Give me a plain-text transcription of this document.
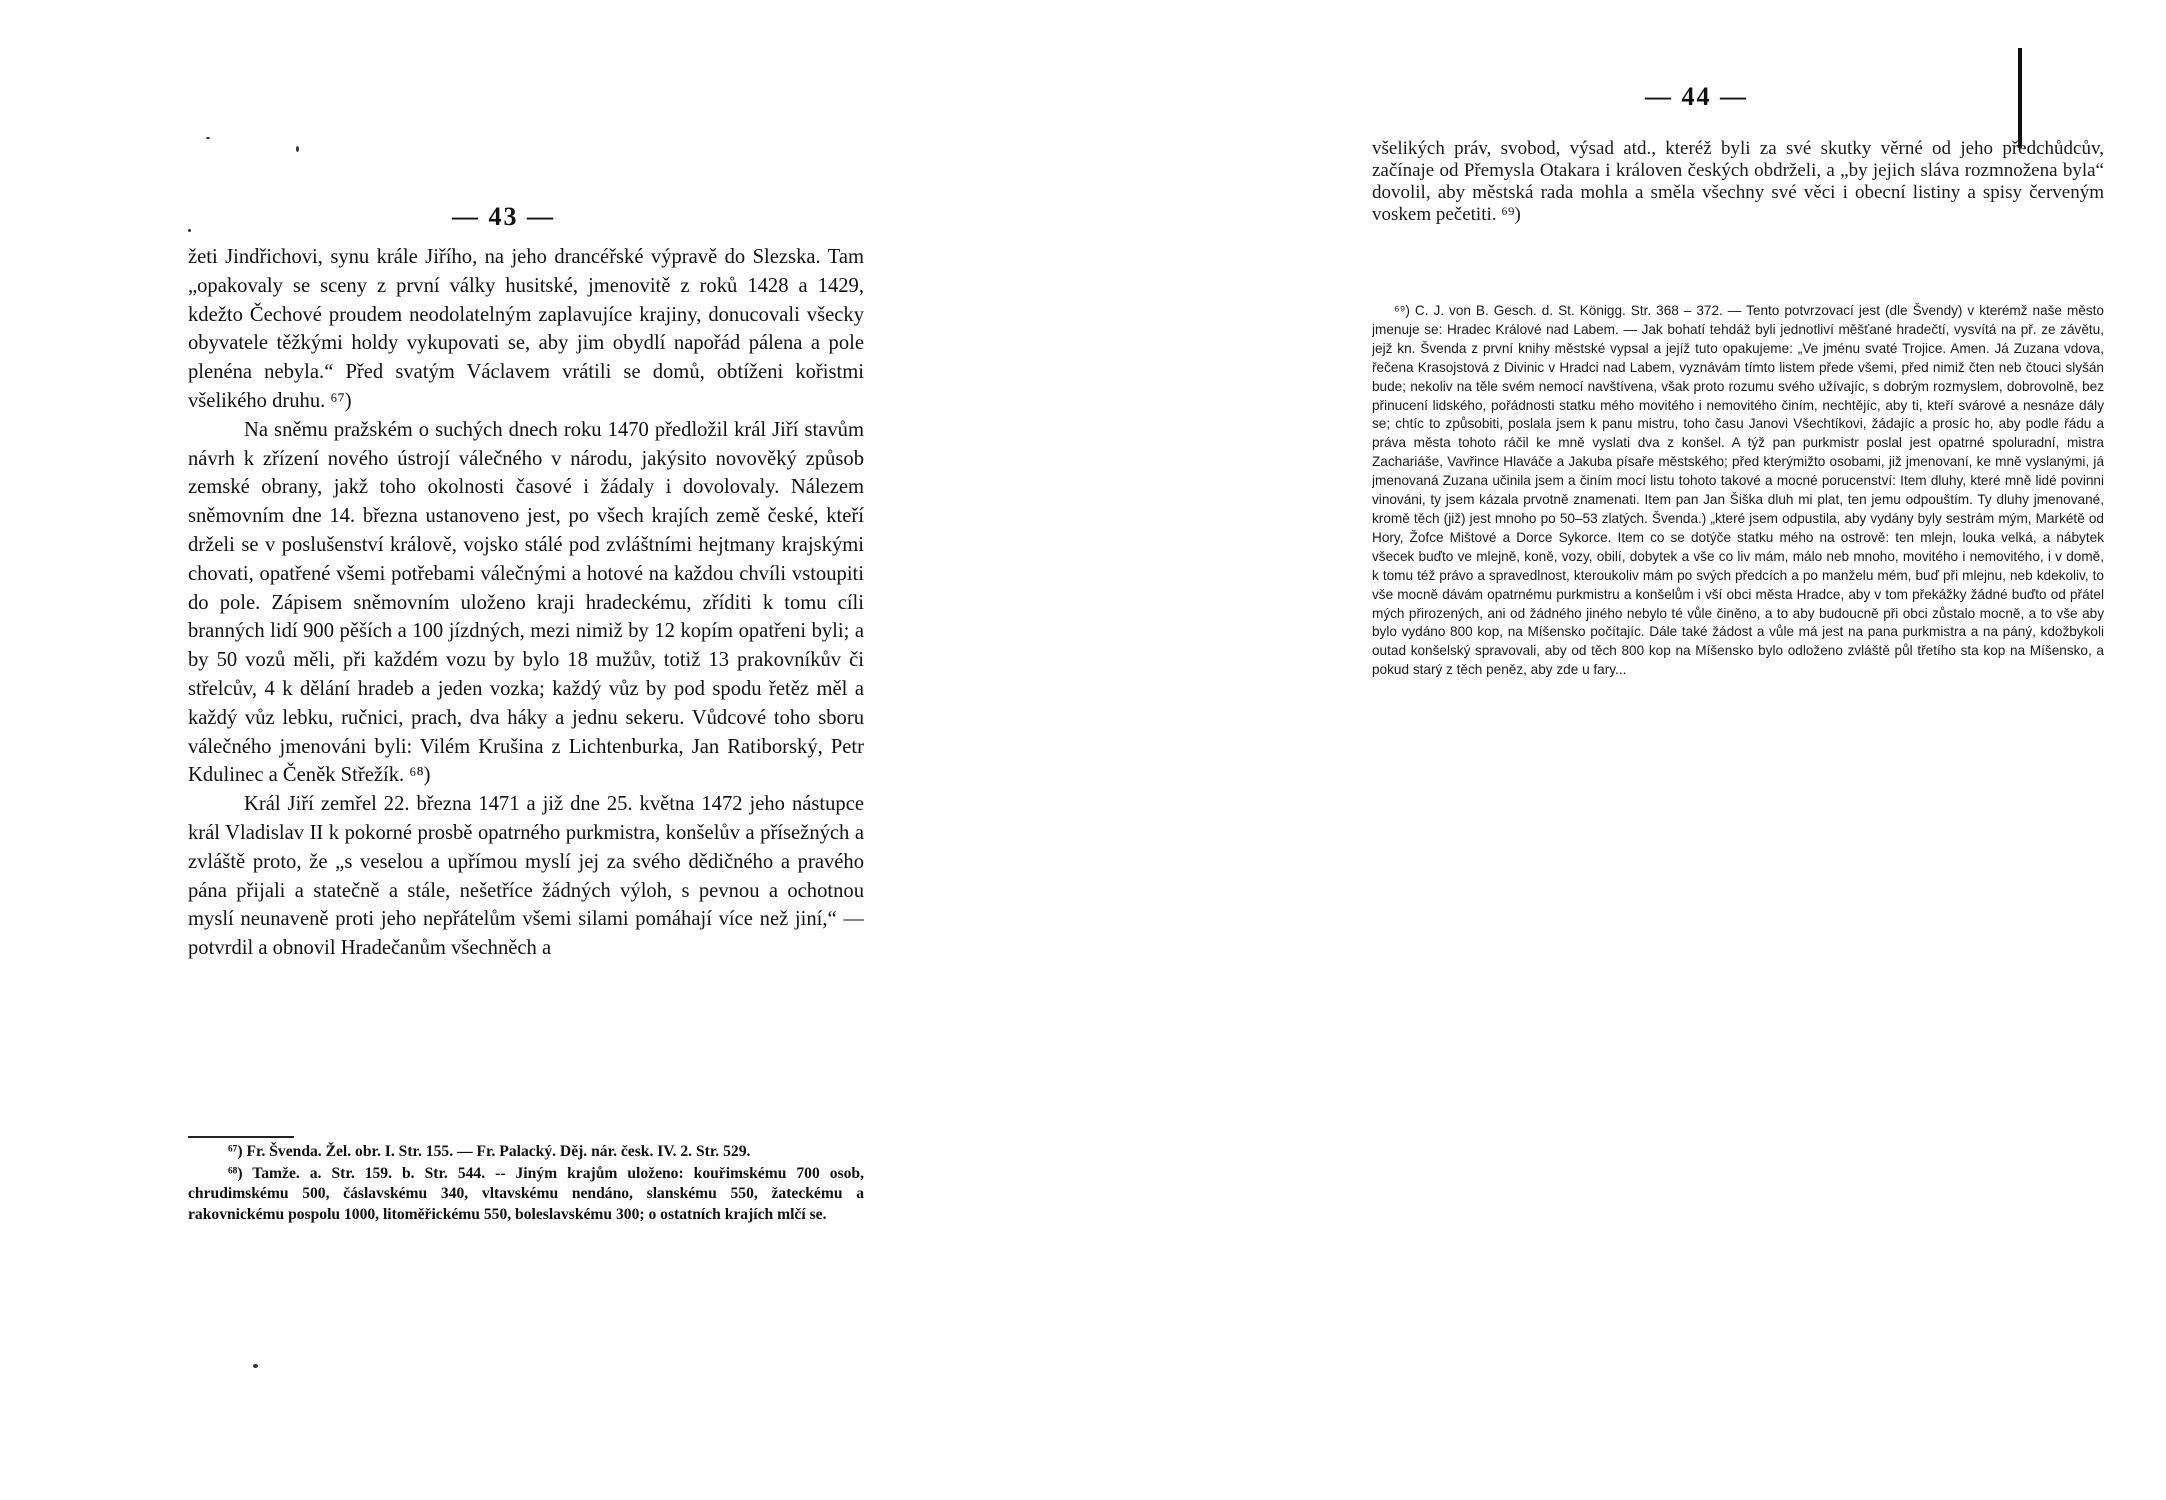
— 43 —

žeti Jindřichovi, synu krále Jiřího, na jeho drancéřské výpravě do Slezska. Tam „opakovaly se sceny z první války husitské, jmenovitě z roků 1428 a 1429, kdežto Čechové proudem neodolatelným zaplavujíce krajiny, donucovali všecky obyvatele těžkými holdy vykupovati se, aby jim obydlí napořád pálena a pole plenéna nebyla.“ Před svatým Václavem vrátili se domů, obtíženi kořistmi všelikého druhu. ⁶⁷)

Na sněmu pražském o suchých dnech roku 1470 předložil král Jiří stavům návrh k zřízení nového ústrojí válečného v národu, jakýsito novověký způsob zemské obrany, jakž toho okolnosti časové i žádaly i dovolovaly. Nálezem sněmovním dne 14. března ustanoveno jest, po všech krajích země české, kteří drželi se v poslušenství králově, vojsko stálé pod zvláštními hejtmany krajskými chovati, opatřené všemi potřebami válečnými a hotové na každou chvíli vstoupiti do pole. Zápisem sněmovním uloženo kraji hradeckému, zříditi k tomu cíli branných lidí 900 pěších a 100 jízdných, mezi nimiž by 12 kopím opatřeni byli; a by 50 vozů měli, při každém vozu by bylo 18 mužův, totiž 13 prakovníkův či střelcův, 4 k dělání hradeb a jeden vozka; každý vůz by pod spodu řetěz měl a každý vůz lebku, ručnici, prach, dva háky a jednu sekeru. Vůdcové toho sboru válečného jmenováni byli: Vilém Krušina z Lichtenburka, Jan Ratiborský, Petr Kdulinec a Čeněk Střežík. ⁶⁸)

Král Jiří zemřel 22. března 1471 a již dne 25. května 1472 jeho nástupce král Vladislav II k pokorné prosbě opatrného purkmistra, konšelův a přísežných a zvláště proto, že „s veselou a upřímou myslí jej za svého dědičného a pravého pána přijali a statečně a stále, nešetříce žádných výloh, s pevnou a ochotnou myslí neunaveně proti jeho nepřátelům všemi silami pomáhají více než jiní,“ — potvrdil a obnovil Hradečanům všechněch a

⁶⁷) Fr. Švenda. Žel. obr. I. Str. 155. — Fr. Palacký. Děj. nár. česk. IV. 2. Str. 529.

⁶⁸) Tamže. a. Str. 159. b. Str. 544. -- Jiným krajům uloženo: kouřimskému 700 osob, chrudimskému 500, čáslavskému 340, vltavskému nendáno, slanskému 550, žateckému a rakovnickému pospolu 1000, litoměřickému 550, boleslavskému 300; o ostatních krajích mlčí se.

— 44 —

všelikých práv, svobod, výsad atd., kteréž byli za své skutky věrné od jeho předchůdcův, začínaje od Přemysla Otakara i královen českých obdrželi, a „by jejich sláva rozmnožena byla“ dovolil, aby městská rada mohla a směla všechny své věci i obecní listiny a spisy červeným voskem pečetiti. ⁶⁹)

⁶⁹) C. J. von B. Gesch. d. St. Königg. Str. 368 – 372. — Tento potvrzovací jest (dle Švendy) v kterémž naše město jmenuje se: Hradec Králové nad Labem. — Jak bohatí tehdáž byli jednotliví měšťané hradečtí, vysvítá na př. ze závětu, jejž kn. Švenda z první knihy městské vypsal a jejíž tuto opakujeme: „Ve jménu svaté Trojice. Amen. Já Zuzana vdova, řečena Krasojstová z Divinic v Hradci nad Labem, vyznávám tímto listem přede všemi, před nimiž čten neb čtouci slyšán bude; nekoliv na těle svém nemocí navštívena, však proto rozumu svého užívajíc, s dobrým rozmyslem, dobrovolně, bez přinucení lidského, pořádnosti statku mého movitého i nemovitého činím, nechtějíc, aby ti, kteří svárové a nesnáze dály se; chtíc to způsobiti, poslala jsem k panu mistru, toho času Janovi Všechtíkovi, žádajíc a prosíc ho, aby podle řádu a práva města tohoto ráčil ke mně vyslati dva z konšel. A týž pan purkmistr poslal jest opatrné spoluradní, mistra Zachariáše, Vavřince Hlaváče a Jakuba písaře městského; před kterýmižto osobami, již jmenovaní, ke mně vyslanými, já jmenovaná Zuzana učinila jsem a činím mocí listu tohoto takové a mocné porucenství: Item dluhy, které mně lidé povinni vinováni, ty jsem kázala prvotně znamenati. Item pan Jan Šiška dluh mi plat, ten jemu odpouštím. Ty dluhy jmenované, kromě těch (již) jest mnoho po 50–53 zlatých. Švenda.) „které jsem odpustila, aby vydány byly sestrám mým, Markétě od Hory, Žofce Mištové a Dorce Sykorce. Item co se dotýče statku mého na ostrově: ten mlejn, louka velká, a nábytek všecek buďto ve mlejně, koně, vozy, obilí, dobytek a vše co liv mám, málo neb mnoho, movitého i nemovitého, i v domě, k tomu též právo a spravedlnost, kteroukoliv mám po svých předcích a po manželu mém, buď při mlejnu, neb kdekoliv, to vše mocně dávám opatrnému purkmistru a konšelům i vší obci města Hradce, aby v tom překážky žádné buďto od přátel mých přirozených, ani od žádného jiného nebylo té vůle činěno, a to aby budoucně při obci zůstalo mocně, a to vše aby bylo vydáno 800 kop, na Míšensko počítajíc. Dále také žádost a vůle má jest na pana purkmistra a na páný, kdožbykoli outad konšelský spravovali, aby od těch 800 kop na Míšensko bylo odloženo zvláště půl třetího sta kop na Míšensko, a pokud starý z těch peněz, aby zde u fary...
